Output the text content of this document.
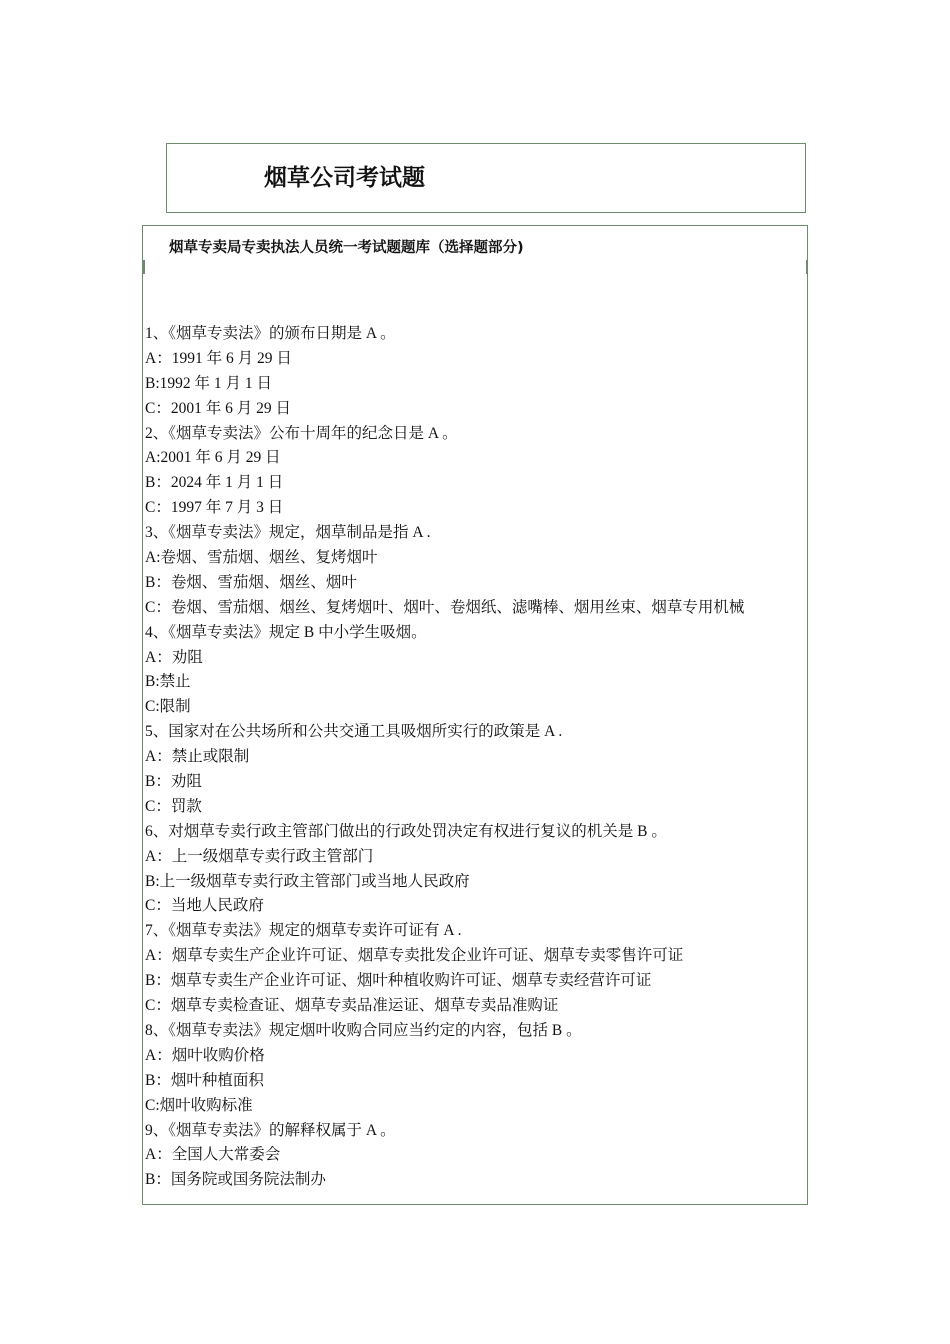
烟草公司考试题
烟草专卖局专卖执法人员统一考试题题库（选择题部分)
1、《烟草专卖法》的颁布日期是 A 。
A：1991 年 6 月 29 日
B:1992 年 1 月 1 日
C：2001 年 6 月 29 日
2、《烟草专卖法》公布十周年的纪念日是 A 。
A:2001 年 6 月 29 日
B：2024 年 1 月 1 日
C：1997 年 7 月 3 日
3、《烟草专卖法》规定，烟草制品是指 A .
A:卷烟、雪茄烟、烟丝、复烤烟叶
B：卷烟、雪茄烟、烟丝、烟叶
C：卷烟、雪茄烟、烟丝、复烤烟叶、烟叶、卷烟纸、滤嘴棒、烟用丝束、烟草专用机械
4、《烟草专卖法》规定 B 中小学生吸烟。
A：劝阻
B:禁止
C:限制
5、国家对在公共场所和公共交通工具吸烟所实行的政策是 A .
A：禁止或限制
B：劝阻
C：罚款
6、对烟草专卖行政主管部门做出的行政处罚决定有权进行复议的机关是 B 。
A：上一级烟草专卖行政主管部门
B:上一级烟草专卖行政主管部门或当地人民政府
C：当地人民政府
7、《烟草专卖法》规定的烟草专卖许可证有 A .
A：烟草专卖生产企业许可证、烟草专卖批发企业许可证、烟草专卖零售许可证
B：烟草专卖生产企业许可证、烟叶种植收购许可证、烟草专卖经营许可证
C：烟草专卖检查证、烟草专卖品准运证、烟草专卖品准购证
8、《烟草专卖法》规定烟叶收购合同应当约定的内容，包括 B 。
A：烟叶收购价格
B：烟叶种植面积
C:烟叶收购标准
9、《烟草专卖法》的解释权属于 A 。
A：全国人大常委会
B：国务院或国务院法制办
